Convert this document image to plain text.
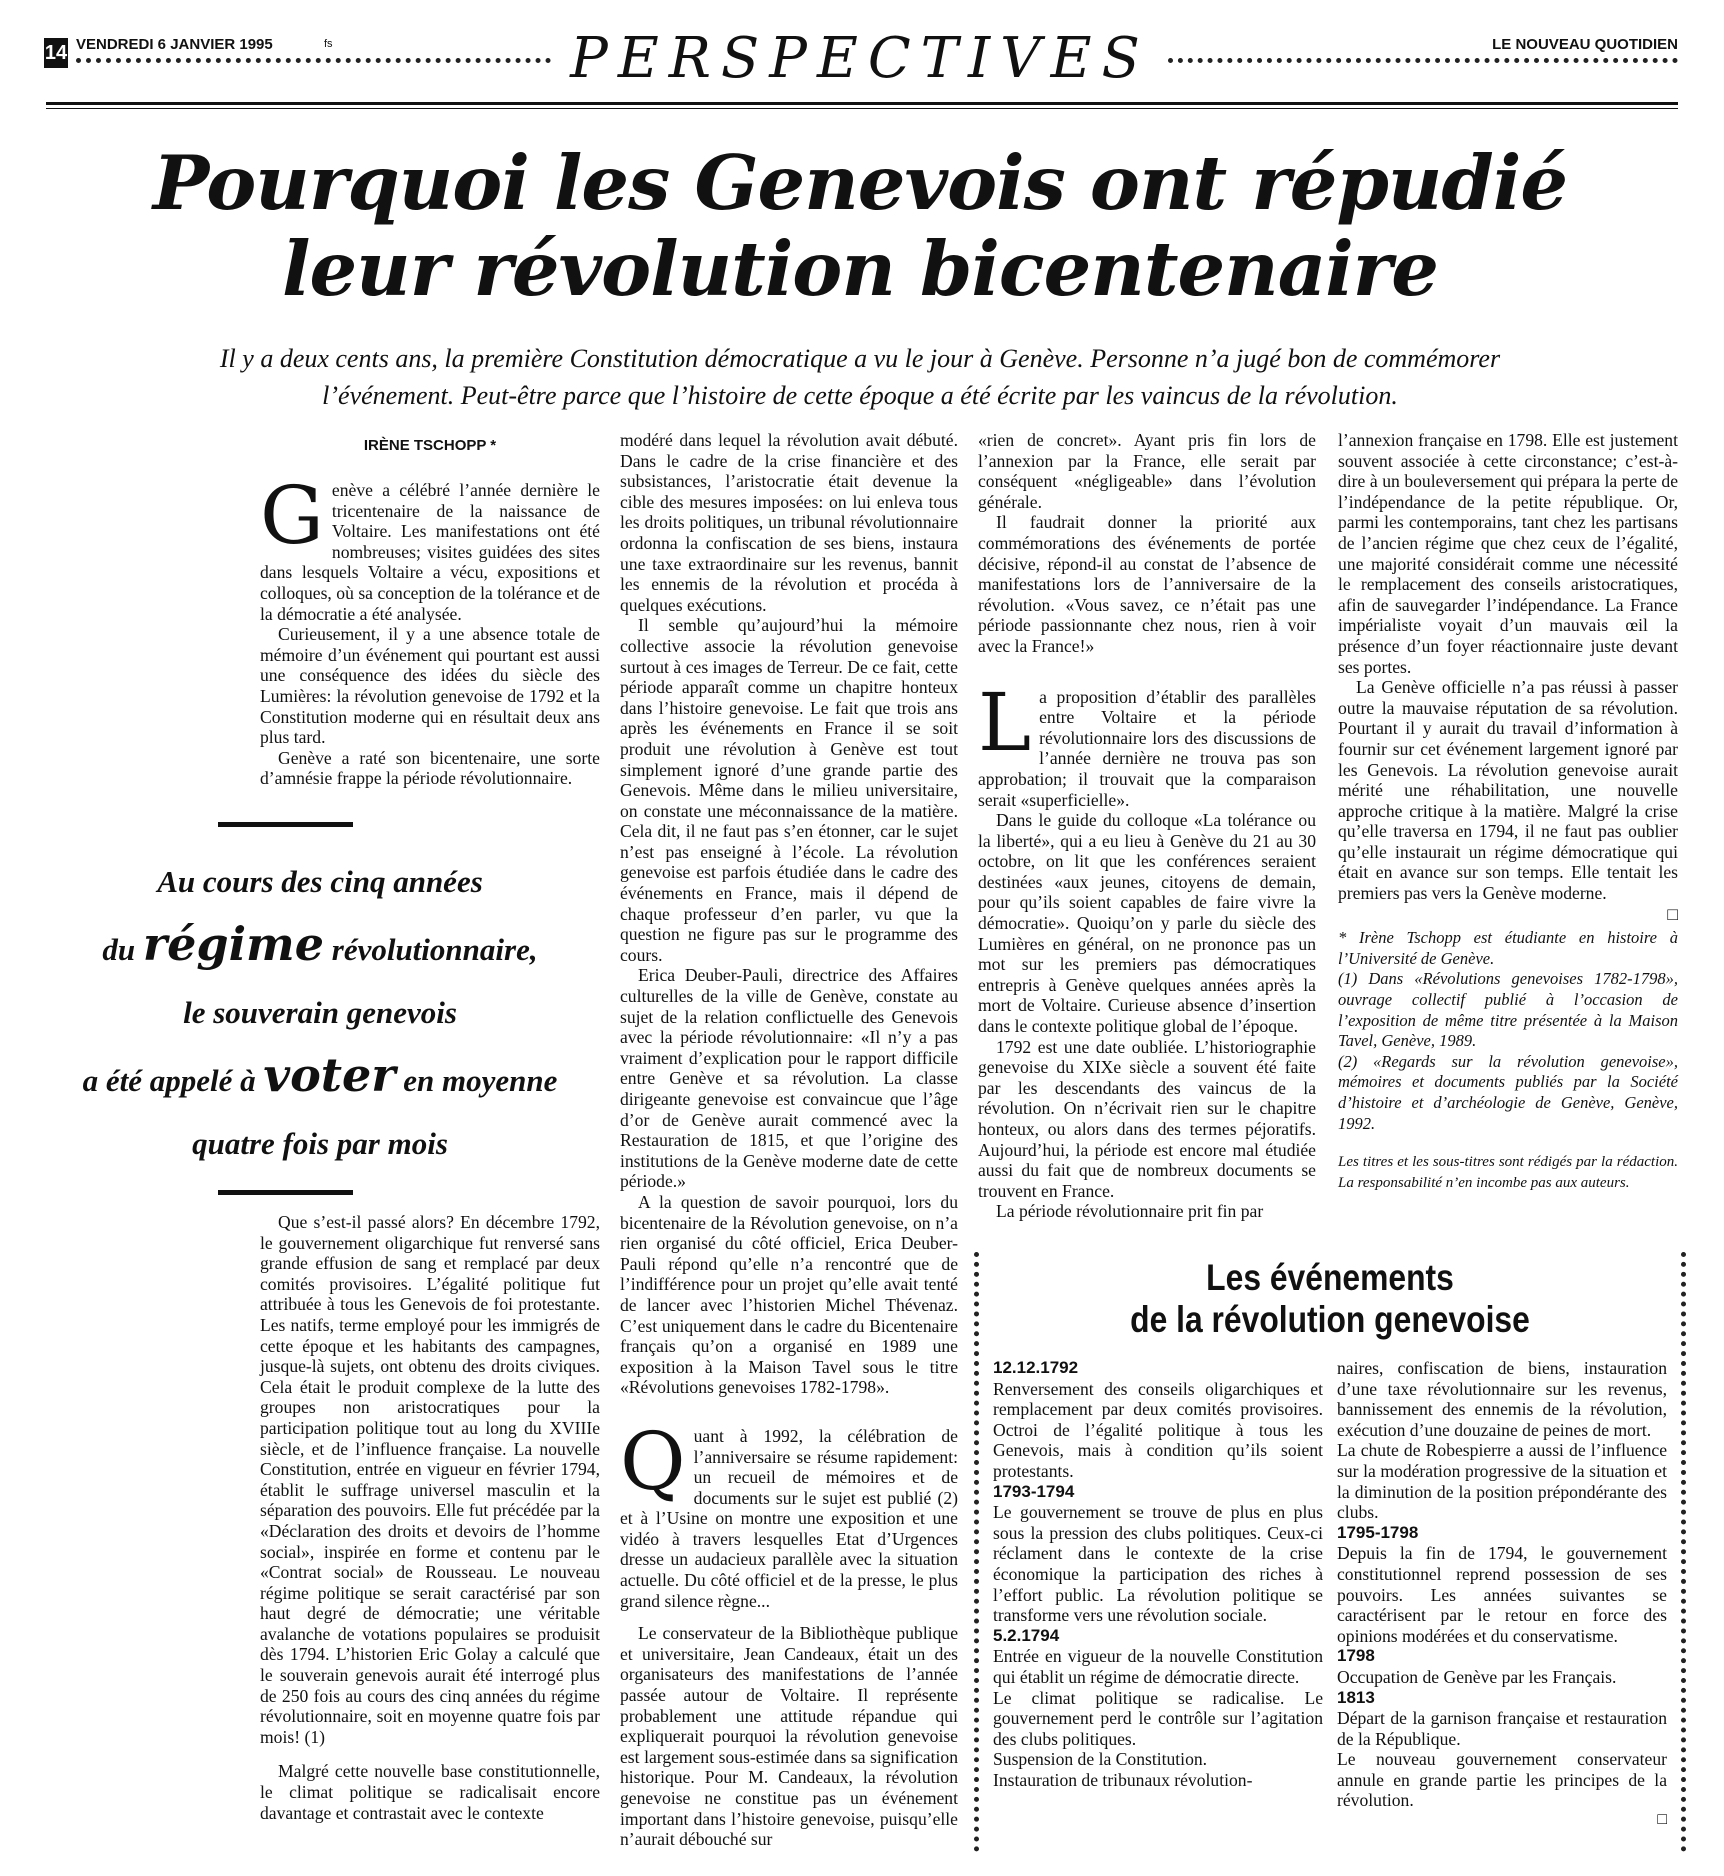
14 VENDREDI 6 JANVIER 1995	fs	PERSPECTIVES	LE NOUVEAU QUOTIDIEN
Pourquoi les Genevois ont répudié
leur révolution bicentenaire
Il y a deux cents ans, la première Constitution démocratique a vu le jour à Genève. Personne n’a jugé bon de commémorer
l’événement. Peut-être parce que l’histoire de cette époque a été écrite par les vaincus de la révolution.
IRÈNE TSCHOPP *

Genève a célébré l’année dernière le tricentenaire de la naissance de Voltaire. Les manifestations ont été nombreuses; visites guidées des sites dans lesquels Voltaire a vécu, expositions et colloques, où sa conception de la tolérance et de la démocratie a été analysée.

Curieusement, il y a une absence totale de mémoire d’un événement qui pourtant est aussi une conséquence des idées du siècle des Lumières: la révolution genevoise de 1792 et la Constitution moderne qui en résultait deux ans plus tard.

Genève a raté son bicentenaire, une sorte d’amnésie frappe la période révolutionnaire.

Au cours des cinq années
du régime révolutionnaire,
le souverain genevois
a été appelé à voter en moyenne
quatre fois par mois

Que s’est-il passé alors? En décembre 1792, le gouvernement oligarchique fut renversé sans grande effusion de sang et remplacé par deux comités provisoires. L’égalité politique fut attribuée à tous les Genevois de foi protestante. Les natifs, terme employé pour les immigrés de cette époque et les habitants des campagnes, jusque-là sujets, ont obtenu des droits civiques. Cela était le produit complexe de la lutte des groupes non aristocratiques pour la participation politique tout au long du XVIIIe siècle, et de l’influence française. La nouvelle Constitution, entrée en vigueur en février 1794, établit le suffrage universel masculin et la séparation des pouvoirs. Elle fut précédée par la «Déclaration des droits et devoirs de l’homme social», inspirée en forme et contenu par le «Contrat social» de Rousseau. Le nouveau régime politique se serait caractérisé par son haut degré de démocratie; une véritable avalanche de votations populaires se produisit dès 1794. L’historien Eric Golay a calculé que le souverain genevois aurait été interrogé plus de 250 fois au cours des cinq années du régime révolutionnaire, soit en moyenne quatre fois par mois! (1)

Malgré cette nouvelle base constitutionnelle, le climat politique se radicalisait encore davantage et contrastait avec le contexte

modéré dans lequel la révolution avait débuté. Dans le cadre de la crise financière et des subsistances, l’aristocratie était devenue la cible des mesures imposées: on lui enleva tous les droits politiques, un tribunal révolutionnaire ordonna la confiscation de ses biens, instaura une taxe extraordinaire sur les revenus, bannit les ennemis de la révolution et procéda à quelques exécutions.

Il semble qu’aujourd’hui la mémoire collective associe la révolution genevoise surtout à ces images de Terreur. De ce fait, cette période apparaît comme un chapitre honteux dans l’histoire genevoise. Le fait que trois ans après les événements en France il se soit produit une révolution à Genève est tout simplement ignoré d’une grande partie des Genevois. Même dans le milieu universitaire, on constate une méconnaissance de la matière. Cela dit, il ne faut pas s’en étonner, car le sujet n’est pas enseigné à l’école. La révolution genevoise est parfois étudiée dans le cadre des événements en France, mais il dépend de chaque professeur d’en parler, vu que la question ne figure pas sur le programme des cours.

Erica Deuber-Pauli, directrice des Affaires culturelles de la ville de Genève, constate au sujet de la relation conflictuelle des Genevois avec la période révolutionnaire: «Il n’y a pas vraiment d’explication pour le rapport difficile entre Genève et sa révolution. La classe dirigeante genevoise est convaincue que l’âge d’or de Genève aurait commencé avec la Restauration de 1815, et que l’origine des institutions de la Genève moderne date de cette période.»

A la question de savoir pourquoi, lors du bicentenaire de la Révolution genevoise, on n’a rien organisé du côté officiel, Erica Deuber-Pauli répond qu’elle n’a rencontré que de l’indifférence pour un projet qu’elle avait tenté de lancer avec l’historien Michel Thévenaz. C’est uniquement dans le cadre du Bicentenaire français qu’on a organisé en 1989 une exposition à la Maison Tavel sous le titre «Révolutions genevoises 1782-1798».

Quant à 1992, la célébration de l’anniversaire se résume rapidement: un recueil de mémoires et de documents sur le sujet est publié (2) et à l’Usine on montre une exposition et une vidéo à travers lesquelles Etat d’Urgences dresse un audacieux parallèle avec la situation actuelle. Du côté officiel et de la presse, le plus grand silence règne...

Le conservateur de la Bibliothèque publique et universitaire, Jean Candeaux, était un des organisateurs des manifestations de l’année passée autour de Voltaire. Il représente probablement une attitude répandue qui expliquerait pourquoi la révolution genevoise est largement sous-estimée dans sa signification historique. Pour M. Candeaux, la révolution genevoise ne constitue pas un événement important dans l’histoire genevoise, puisqu’elle n’aurait débouché sur

«rien de concret». Ayant pris fin lors de l’annexion par la France, elle serait par conséquent «négligeable» dans l’évolution générale.

Il faudrait donner la priorité aux commémorations des événements de portée décisive, répond-il au constat de l’absence de manifestations lors de l’anniversaire de la révolution. «Vous savez, ce n’était pas une période passionnante chez nous, rien à voir avec la France!»

La proposition d’établir des parallèles entre Voltaire et la période révolutionnaire lors des discussions de l’année dernière ne trouva pas son approbation; il trouvait que la comparaison serait «superficielle».

Dans le guide du colloque «La tolérance ou la liberté», qui a eu lieu à Genève du 21 au 30 octobre, on lit que les conférences seraient destinées «aux jeunes, citoyens de demain, pour qu’ils soient capables de faire vivre la démocratie». Quoiqu’on y parle du siècle des Lumières en général, on ne prononce pas un mot sur les premiers pas démocratiques entrepris à Genève quelques années après la mort de Voltaire. Curieuse absence d’insertion dans le contexte politique global de l’époque.

1792 est une date oubliée. L’historiographie genevoise du XIXe siècle a souvent été faite par les descendants des vaincus de la révolution. On n’écrivait rien sur le chapitre honteux, ou alors dans des termes péjoratifs. Aujourd’hui, la période est encore mal étudiée aussi du fait que de nombreux documents se trouvent en France.

La période révolutionnaire prit fin par

l’annexion française en 1798. Elle est justement souvent associée à cette circonstance; c’est-à-dire à un bouleversement qui prépara la perte de l’indépendance de la petite république. Or, parmi les contemporains, tant chez les partisans de l’ancien régime que chez ceux de l’égalité, une majorité considérait comme une nécessité le remplacement des conseils aristocratiques, afin de sauvegarder l’indépendance. La France impérialiste voyait d’un mauvais œil la présence d’un foyer réactionnaire juste devant ses portes.

La Genève officielle n’a pas réussi à passer outre la mauvaise réputation de sa révolution. Pourtant il y aurait du travail d’information à fournir sur cet événement largement ignoré par les Genevois. La révolution genevoise aurait mérité une réhabilitation, une nouvelle approche critique à la matière. Malgré la crise qu’elle traversa en 1794, il ne faut pas oublier qu’elle instaurait un régime démocratique qui était en avance sur son temps. Elle tentait les premiers pas vers la Genève moderne.

□
* Irène Tschopp est étudiante en histoire à l’Université de Genève.
(1) Dans «Révolutions genevoises 1782-1798», ouvrage collectif publié à l’occasion de l’exposition de même titre présentée à la Maison Tavel, Genève, 1989.
(2) «Regards sur la révolution genevoise», mémoires et documents publiés par la Société d’histoire et d’archéologie de Genève, Genève, 1992.
Les titres et les sous-titres sont rédigés par la rédaction. La responsabilité n’en incombe pas aux auteurs.
Les événements
de la révolution genevoise
12.12.1792
Renversement des conseils oligarchiques et remplacement par deux comités provisoires. Octroi de l’égalité politique à tous les Genevois, mais à condition qu’ils soient protestants.
1793-1794
Le gouvernement se trouve de plus en plus sous la pression des clubs politiques. Ceux-ci réclament dans le contexte de la crise économique la participation des riches à l’effort public. La révolution politique se transforme vers une révolution sociale.
5.2.1794
Entrée en vigueur de la nouvelle Constitution qui établit un régime de démocratie directe.
Le climat politique se radicalise. Le gouvernement perd le contrôle sur l’agitation des clubs politiques.
Suspension de la Constitution.
Instauration de tribunaux révolution-
naires, confiscation de biens, instauration d’une taxe révolutionnaire sur les revenus, bannissement des ennemis de la révolution, exécution d’une douzaine de peines de mort.
La chute de Robespierre a aussi de l’influence sur la modération progressive de la situation et la diminution de la position prépondérante des clubs.
1795-1798
Depuis la fin de 1794, le gouvernement constitutionnel reprend possession de ses pouvoirs. Les années suivantes se caractérisent par le retour en force des opinions modérées et du conservatisme.
1798
Occupation de Genève par les Français.
1813
Départ de la garnison française et restauration de la République.
Le nouveau gouvernement conservateur annule en grande partie les principes de la révolution.
□
